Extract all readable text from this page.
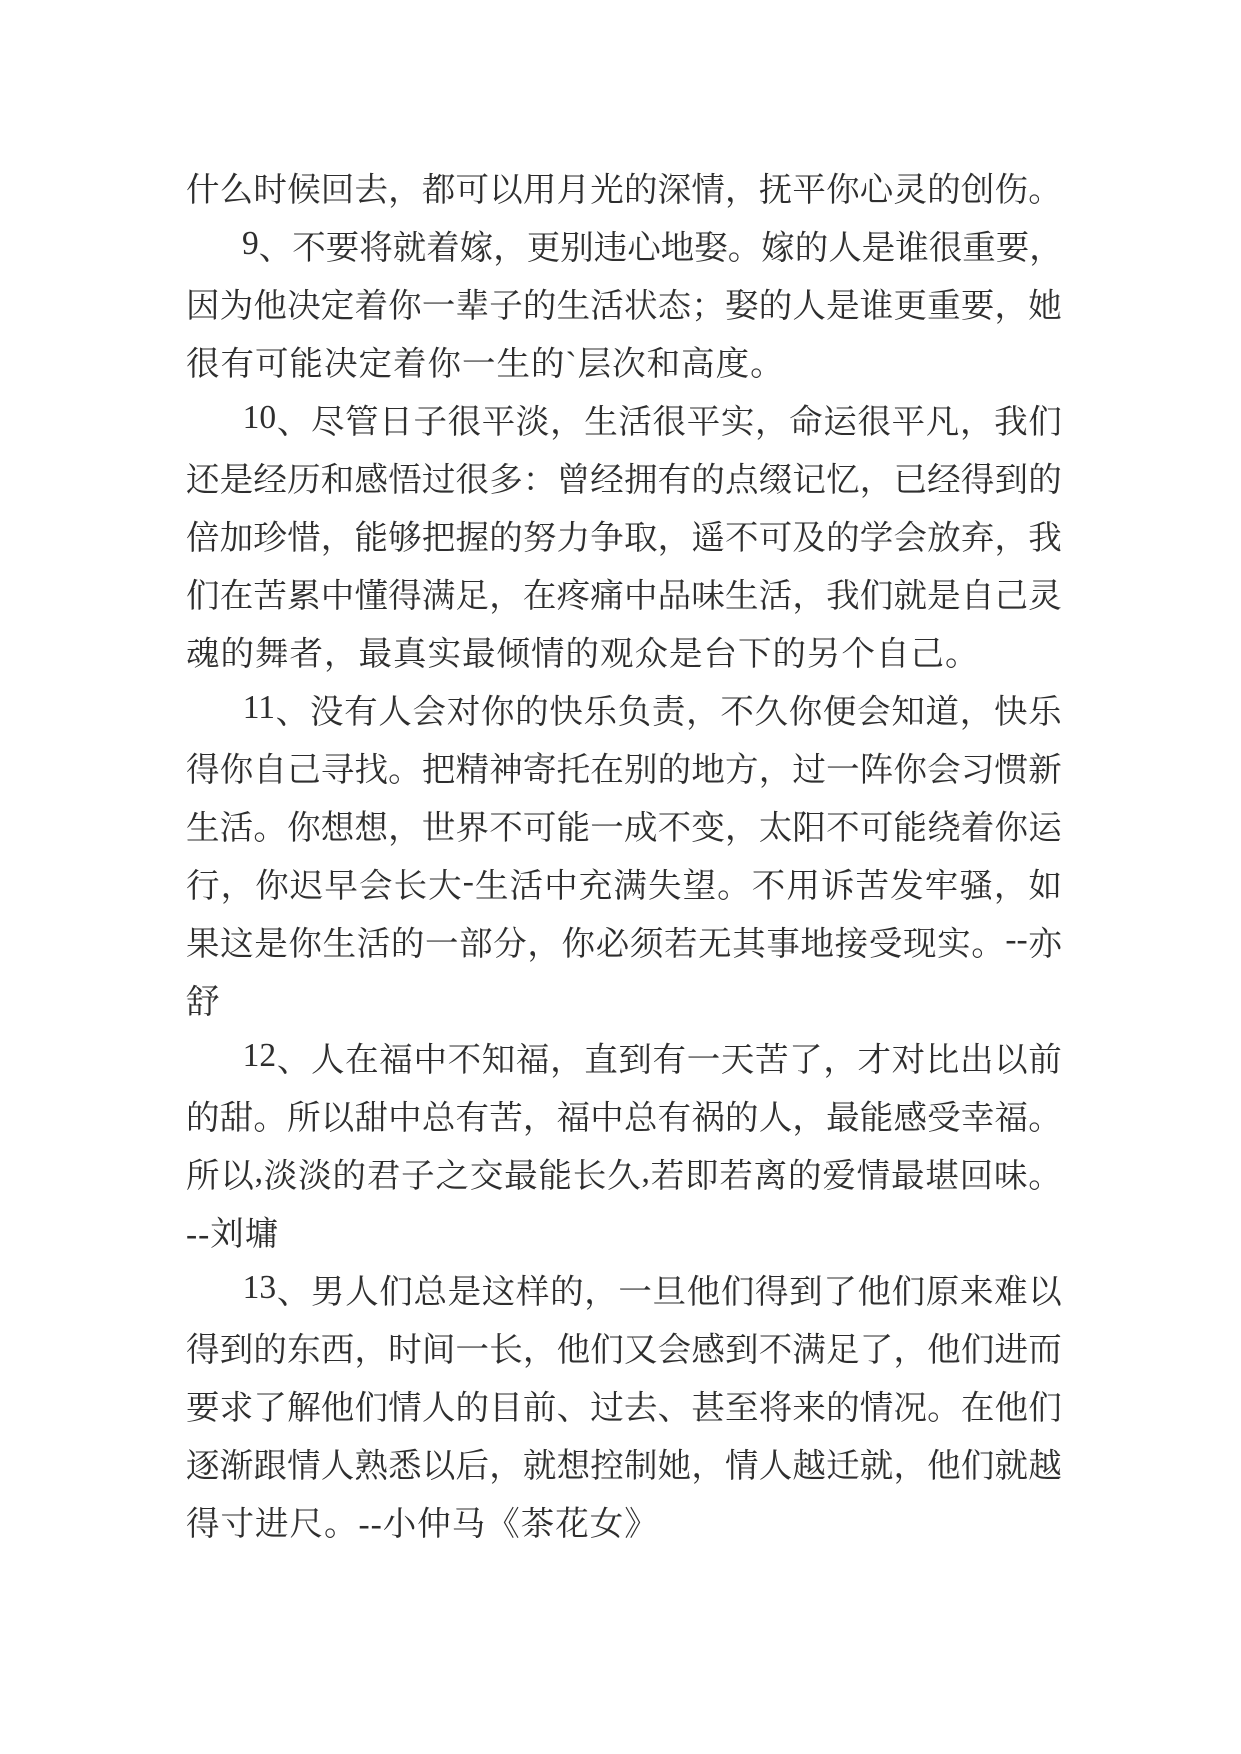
什 么 时 候 回 去 ， 都 可 以 用 月 光 的 深 情 ， 抚 平 你 心 灵 的 创 伤 。
9 、 不 要 将 就 着 嫁 ， 更 别 违 心 地 娶 。 嫁 的 人 是 谁 很 重 要 ，
因 为 他 决 定 着 你 一 辈 子 的 生 活 状 态 ； 娶 的 人 是 谁 更 重 要 ， 她
很有可能决定着你一生的`层次和高度。
10 、 尽 管 日 子 很 平 淡 ， 生 活 很 平 实 ， 命 运 很 平 凡 ， 我 们
还 是 经 历 和 感 悟 过 很 多 ： 曾 经 拥 有 的 点 缀 记 忆 ， 已 经 得 到 的
倍 加 珍 惜 ， 能 够 把 握 的 努 力 争 取 ， 遥 不 可 及 的 学 会 放 弃 ， 我
们 在 苦 累 中 懂 得 满 足 ， 在 疼 痛 中 品 味 生 活 ， 我 们 就 是 自 己 灵
魂的舞者，最真实最倾情的观众是台下的另个自己。
11 、 没 有 人 会 对 你 的 快 乐 负 责 ， 不 久 你 便 会 知 道 ， 快 乐
得 你 自 己 寻 找 。 把 精 神 寄 托 在 别 的 地 方 ， 过 一 阵 你 会 习 惯 新
生 活 。 你 想 想 ， 世 界 不 可 能 一 成 不 变 ， 太 阳 不 可 能 绕 着 你 运
行 ， 你 迟 早 会 长 大 - 生 活 中 充 满 失 望 。 不 用 诉 苦 发 牢 骚 ， 如
果 这 是 你 生 活 的 一 部 分 ， 你 必 须 若 无 其 事 地 接 受 现 实 。 -- 亦
舒
12 、 人 在 福 中 不 知 福 ， 直 到 有 一 天 苦 了 ， 才 对 比 出 以 前
的 甜 。 所 以 甜 中 总 有 苦 ， 福 中 总 有 祸 的 人 ， 最 能 感 受 幸 福 。
所 以 , 淡 淡 的 君 子 之 交 最 能 长 久 , 若 即 若 离 的 爱 情 最 堪 回 味 。
--刘墉
13 、 男 人 们 总 是 这 样 的 ， 一 旦 他 们 得 到 了 他 们 原 来 难 以
得 到 的 东 西 ， 时 间 一 长 ， 他 们 又 会 感 到 不 满 足 了 ， 他 们 进 而
要 求 了 解 他 们 情 人 的 目 前 、 过 去 、 甚 至 将 来 的 情 况 。 在 他 们
逐 渐 跟 情 人 熟 悉 以 后 ， 就 想 控 制 她 ， 情 人 越 迁 就 ， 他 们 就 越
得寸进尺。--小仲马《茶花女》
